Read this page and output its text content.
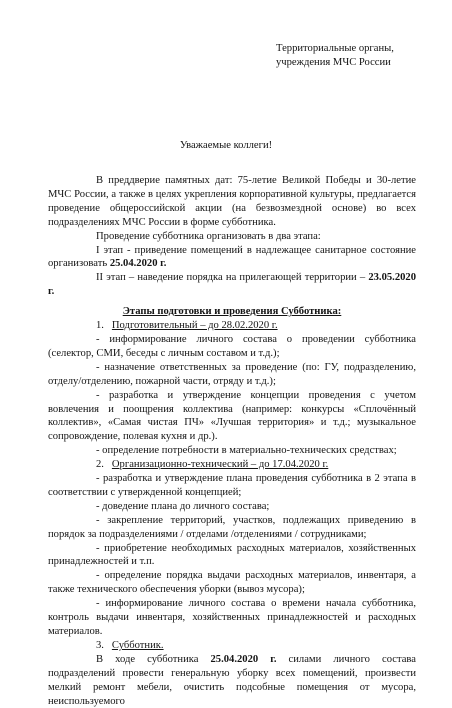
Территориальные органы,
учреждения МЧС России
Уважаемые коллеги!

В преддверие памятных дат: 75-летие Великой Победы и 30-летие МЧС России, а также в целях укрепления корпоративной культуры, предлагается проведение общероссийской акции (на безвозмездной основе) во всех подразделениях МЧС России в форме субботника.

Проведение субботника организовать в два этапа:

I этап - приведение помещений в надлежащее санитарное состояние организовать 25.04.2020 г.

II этап – наведение порядка на прилегающей территории – 23.05.2020 г.

Этапы подготовки и проведения Субботника:

1. Подготовительный – до 28.02.2020 г.

- информирование личного состава о проведении субботника (селектор, СМИ, беседы с личным составом и т.д.);

- назначение ответственных за проведение (по: ГУ, подразделению, отделу/отделению, пожарной части, отряду и т.д.);

- разработка и утверждение концепции проведения с учетом вовлечения и поощрения коллектива (например: конкурсы «Сплочённый коллектив», «Самая чистая ПЧ» «Лучшая территория» и т.д.; музыкальное сопровождение, полевая кухня и др.).

- определение потребности в материально-технических средствах;

2. Организационно-технический – до 17.04.2020 г.

- разработка и утверждение плана проведения субботника в 2 этапа в соответствии с утвержденной концепцией;

- доведение плана до личного состава;

- закрепление территорий, участков, подлежащих приведению в порядок за подразделениями / отделами /отделениями / сотрудниками;

- приобретение необходимых расходных материалов, хозяйственных принадлежностей и т.п.

- определение порядка выдачи расходных материалов, инвентаря, а также технического обеспечения уборки (вывоз мусора);

- информирование личного состава о времени начала субботника, контроль выдачи инвентаря, хозяйственных принадлежностей и расходных материалов.

3. Субботник.

В ходе субботника 25.04.2020 г. силами личного состава подразделений провести генеральную уборку всех помещений, произвести мелкий ремонт мебели, очистить подсобные помещения от мусора, неиспользуемого
